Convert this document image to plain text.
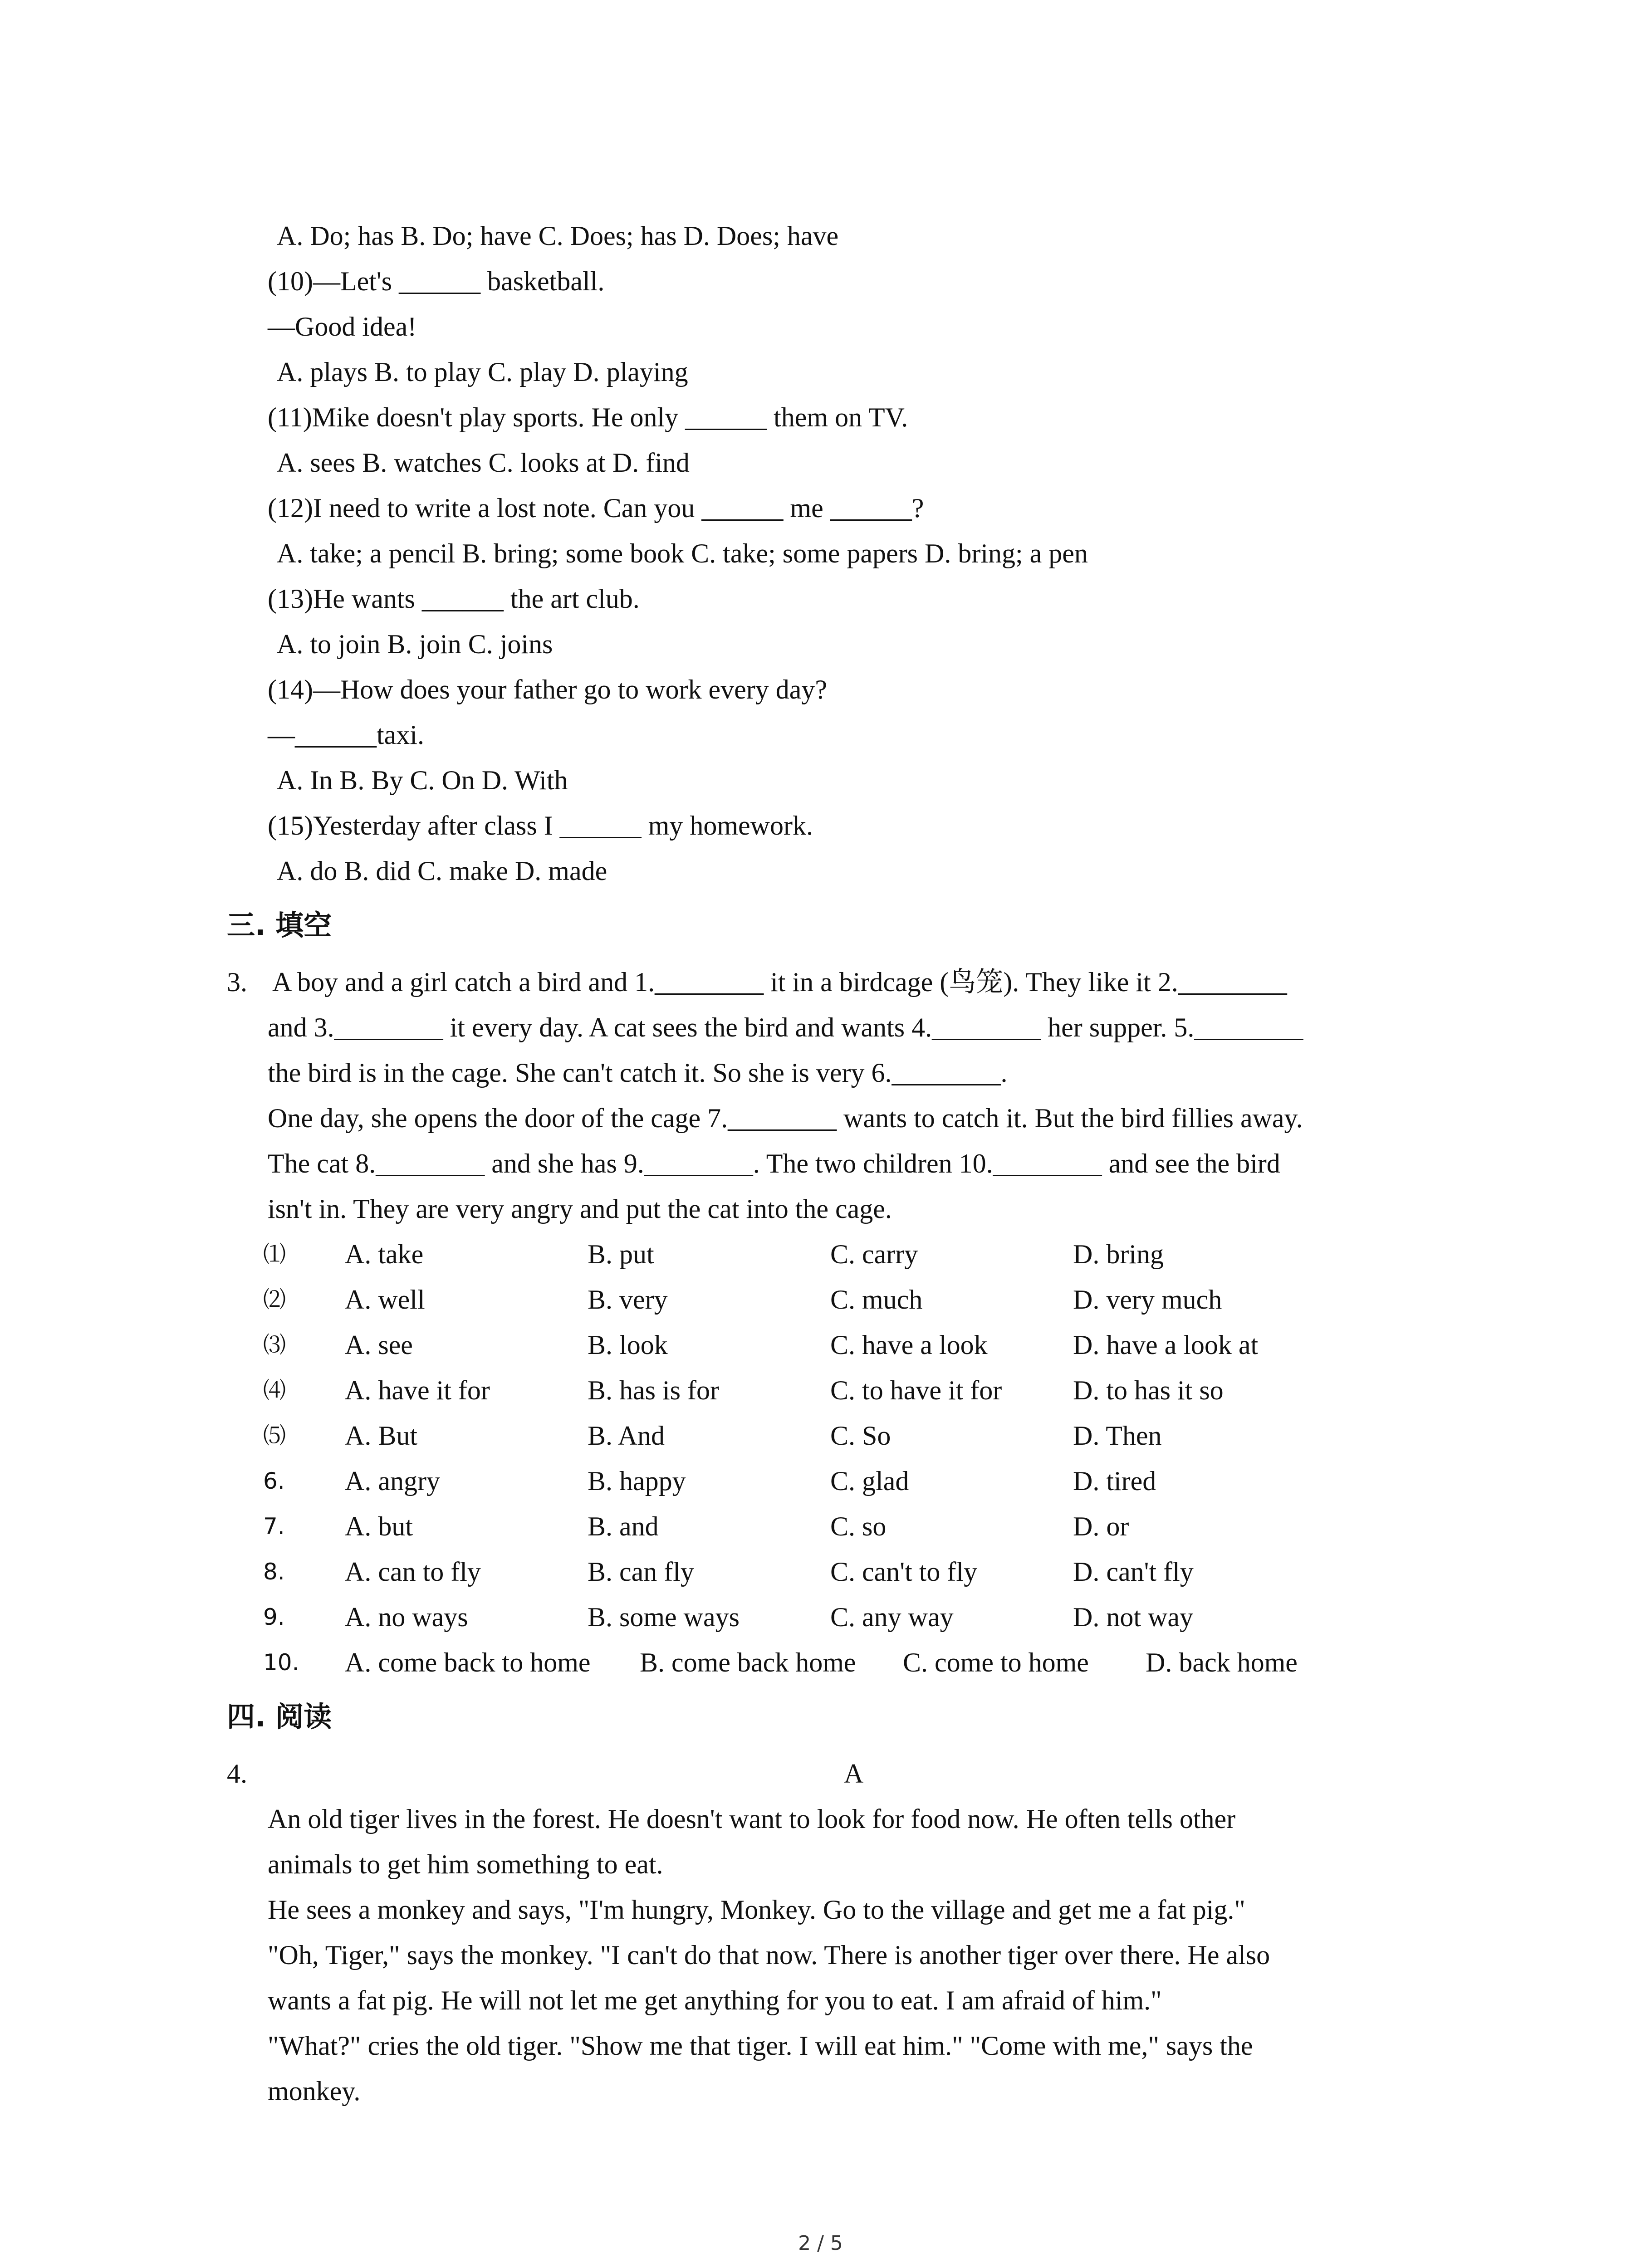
A. Do; has B. Do; have C. Does; has D. Does; have
(10)—Let's ______ basketball.
—Good idea!
A. plays B. to play C. play D. playing
(11)Mike doesn't play sports. He only ______ them on TV.
A. sees B. watches C. looks at D. find
(12)I need to write a lost note. Can you ______ me ______?
A. take; a pencil B. bring; some book C. take; some papers D. bring; a pen
(13)He wants ______ the art club.
A. to join B. join C. joins
(14)—How does your father go to work every day?
—______taxi.
A. In B. By C. On D. With
(15)Yesterday after class I ______ my homework.
A. do B. did C. make D. made
三. 填空
3. A boy and a girl catch a bird and 1.________ it in a birdcage (鸟笼). They like it 2.________
and 3.________ it every day. A cat sees the bird and wants 4.________ her supper. 5.________
the bird is in the cage. She can't catch it. So she is very 6.________.
One day, she opens the door of the cage 7.________ wants to catch it. But the bird fillies away.
The cat 8.________ and she has 9.________. The two children 10.________ and see the bird
isn't in. They are very angry and put the cat into the cage.
⑴ A. take	B. put	C. carry	D. bring
⑵ A. well	B. very	C. much	D. very much
⑶ A. see	B. look	C. have a look	D. have a look at
⑷ A. have it for	B. has is for	C. to have it for	D. to has it so
⑸ A. But	B. And	C. So	D. Then
6. A. angry	B. happy	C. glad	D. tired
7. A. but	B. and	C. so	D. or
8. A. can to fly	B. can fly	C. can't to fly	D. can't fly
9. A. no ways	B. some ways	C. any way	D. not way
10. A. come back to home B. come back home C. come to home D. back home
四. 阅读
4.	A
An old tiger lives in the forest. He doesn't want to look for food now. He often tells other
animals to get him something to eat.
He sees a monkey and says, "I'm hungry, Monkey. Go to the village and get me a fat pig."
"Oh, Tiger," says the monkey. "I can't do that now. There is another tiger over there. He also
wants a fat pig. He will not let me get anything for you to eat. I am afraid of him."
"What?" cries the old tiger. "Show me that tiger. I will eat him." "Come with me," says the
monkey.
2 / 5
